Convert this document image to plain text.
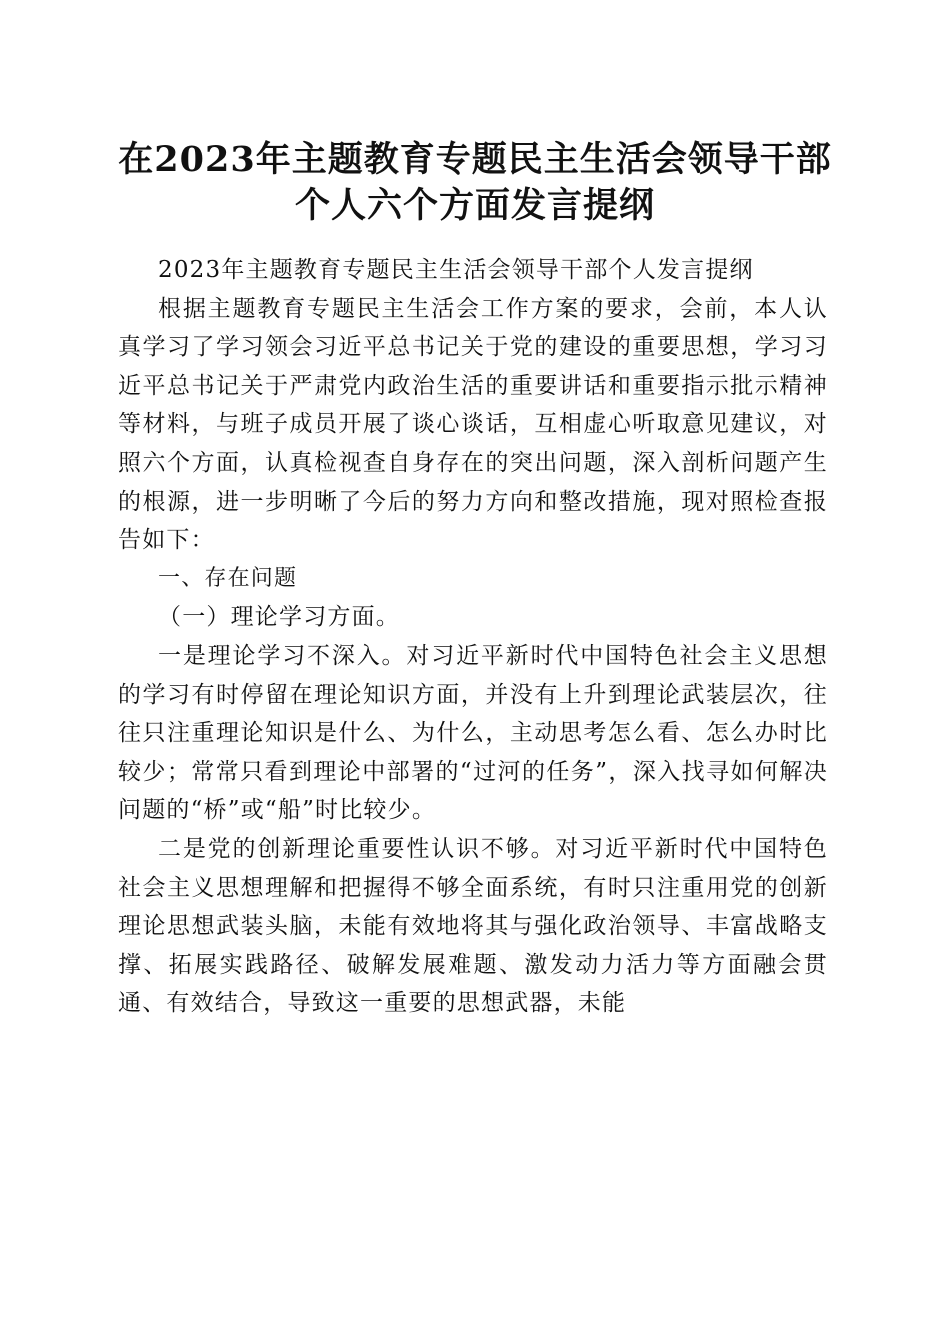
在2023年主题教育专题民主生活会领导干部
个人六个方面发言提纲

2023年主题教育专题民主生活会领导干部个人发言提纲

根据主题教育专题民主生活会工作方案的要求，会前，本人认真学习了学习领会习近平总书记关于党的建设的重要思想，学习习近平总书记关于严肃党内政治生活的重要讲话和重要指示批示精神等材料，与班子成员开展了谈心谈话，互相虚心听取意见建议，对照六个方面，认真检视查自身存在的突出问题，深入剖析问题产生的根源，进一步明晰了今后的努力方向和整改措施，现对照检查报告如下：

一、存在问题

（一）理论学习方面。

一是理论学习不深入。对习近平新时代中国特色社会主义思想的学习有时停留在理论知识方面，并没有上升到理论武装层次，往往只注重理论知识是什么、为什么，主动思考怎么看、怎么办时比较少；常常只看到理论中部署的“过河的任务”，深入找寻如何解决问题的“桥”或“船”时比较少。

二是党的创新理论重要性认识不够。对习近平新时代中国特色社会主义思想理解和把握得不够全面系统，有时只注重用党的创新理论思想武装头脑，未能有效地将其与强化政治领导、丰富战略支撑、拓展实践路径、破解发展难题、激发动力活力等方面融会贯通、有效结合，导致这一重要的思想武器，未能
